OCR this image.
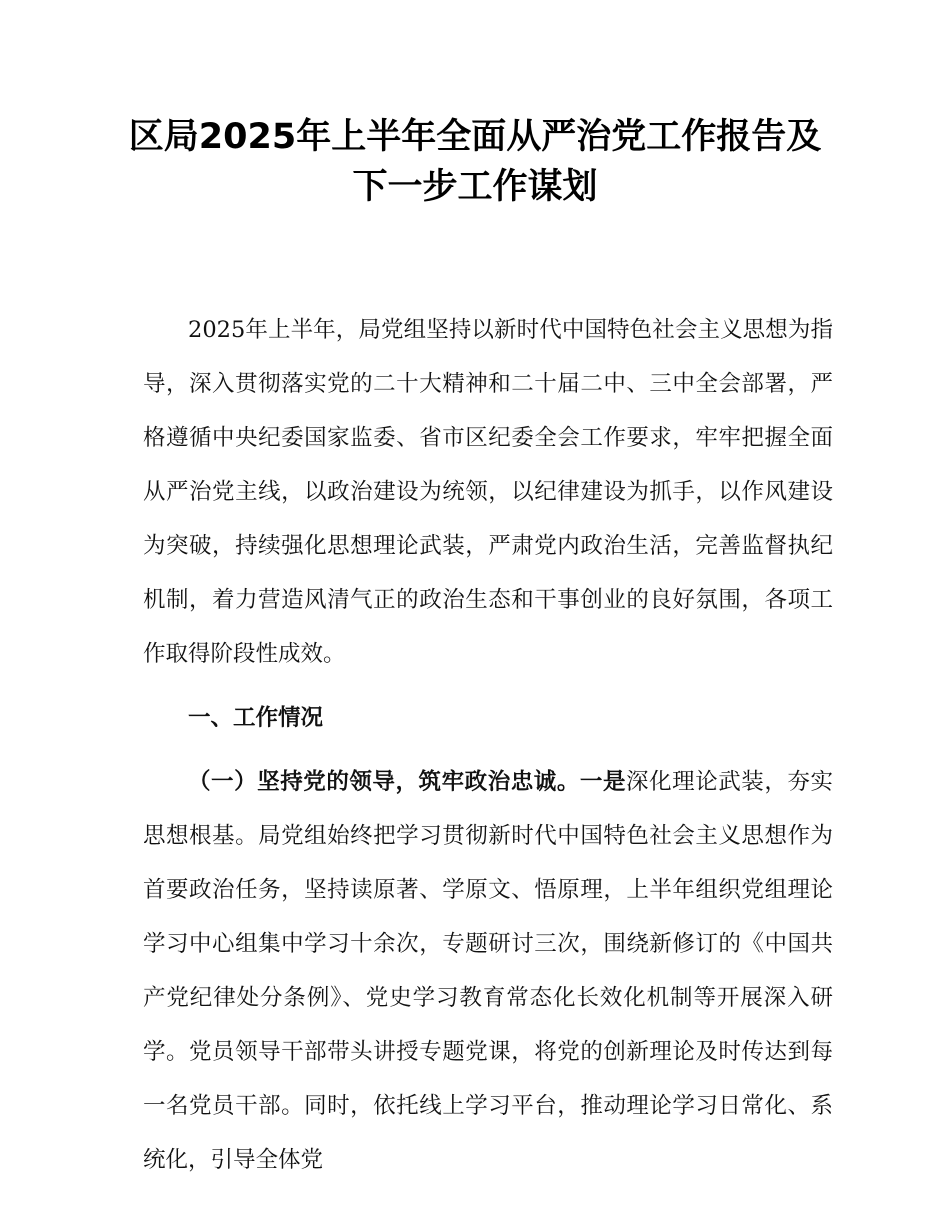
区局2025年上半年全面从严治党工作报告及
下一步工作谋划

2025年上半年，局党组坚持以新时代中国特色社会主义思想为指导，深入贯彻落实党的二十大精神和二十届二中、三中全会部署，严格遵循中央纪委国家监委、省市区纪委全会工作要求，牢牢把握全面从严治党主线，以政治建设为统领，以纪律建设为抓手，以作风建设为突破，持续强化思想理论武装，严肃党内政治生活，完善监督执纪机制，着力营造风清气正的政治生态和干事创业的良好氛围，各项工作取得阶段性成效。

一、工作情况

（一）坚持党的领导，筑牢政治忠诚。一是深化理论武装，夯实思想根基。局党组始终把学习贯彻新时代中国特色社会主义思想作为首要政治任务，坚持读原著、学原文、悟原理，上半年组织党组理论学习中心组集中学习十余次，专题研讨三次，围绕新修订的《中国共产党纪律处分条例》、党史学习教育常态化长效化机制等开展深入研学。党员领导干部带头讲授专题党课，将党的创新理论及时传达到每一名党员干部。同时，依托线上学习平台，推动理论学习日常化、系统化，引导全体党
